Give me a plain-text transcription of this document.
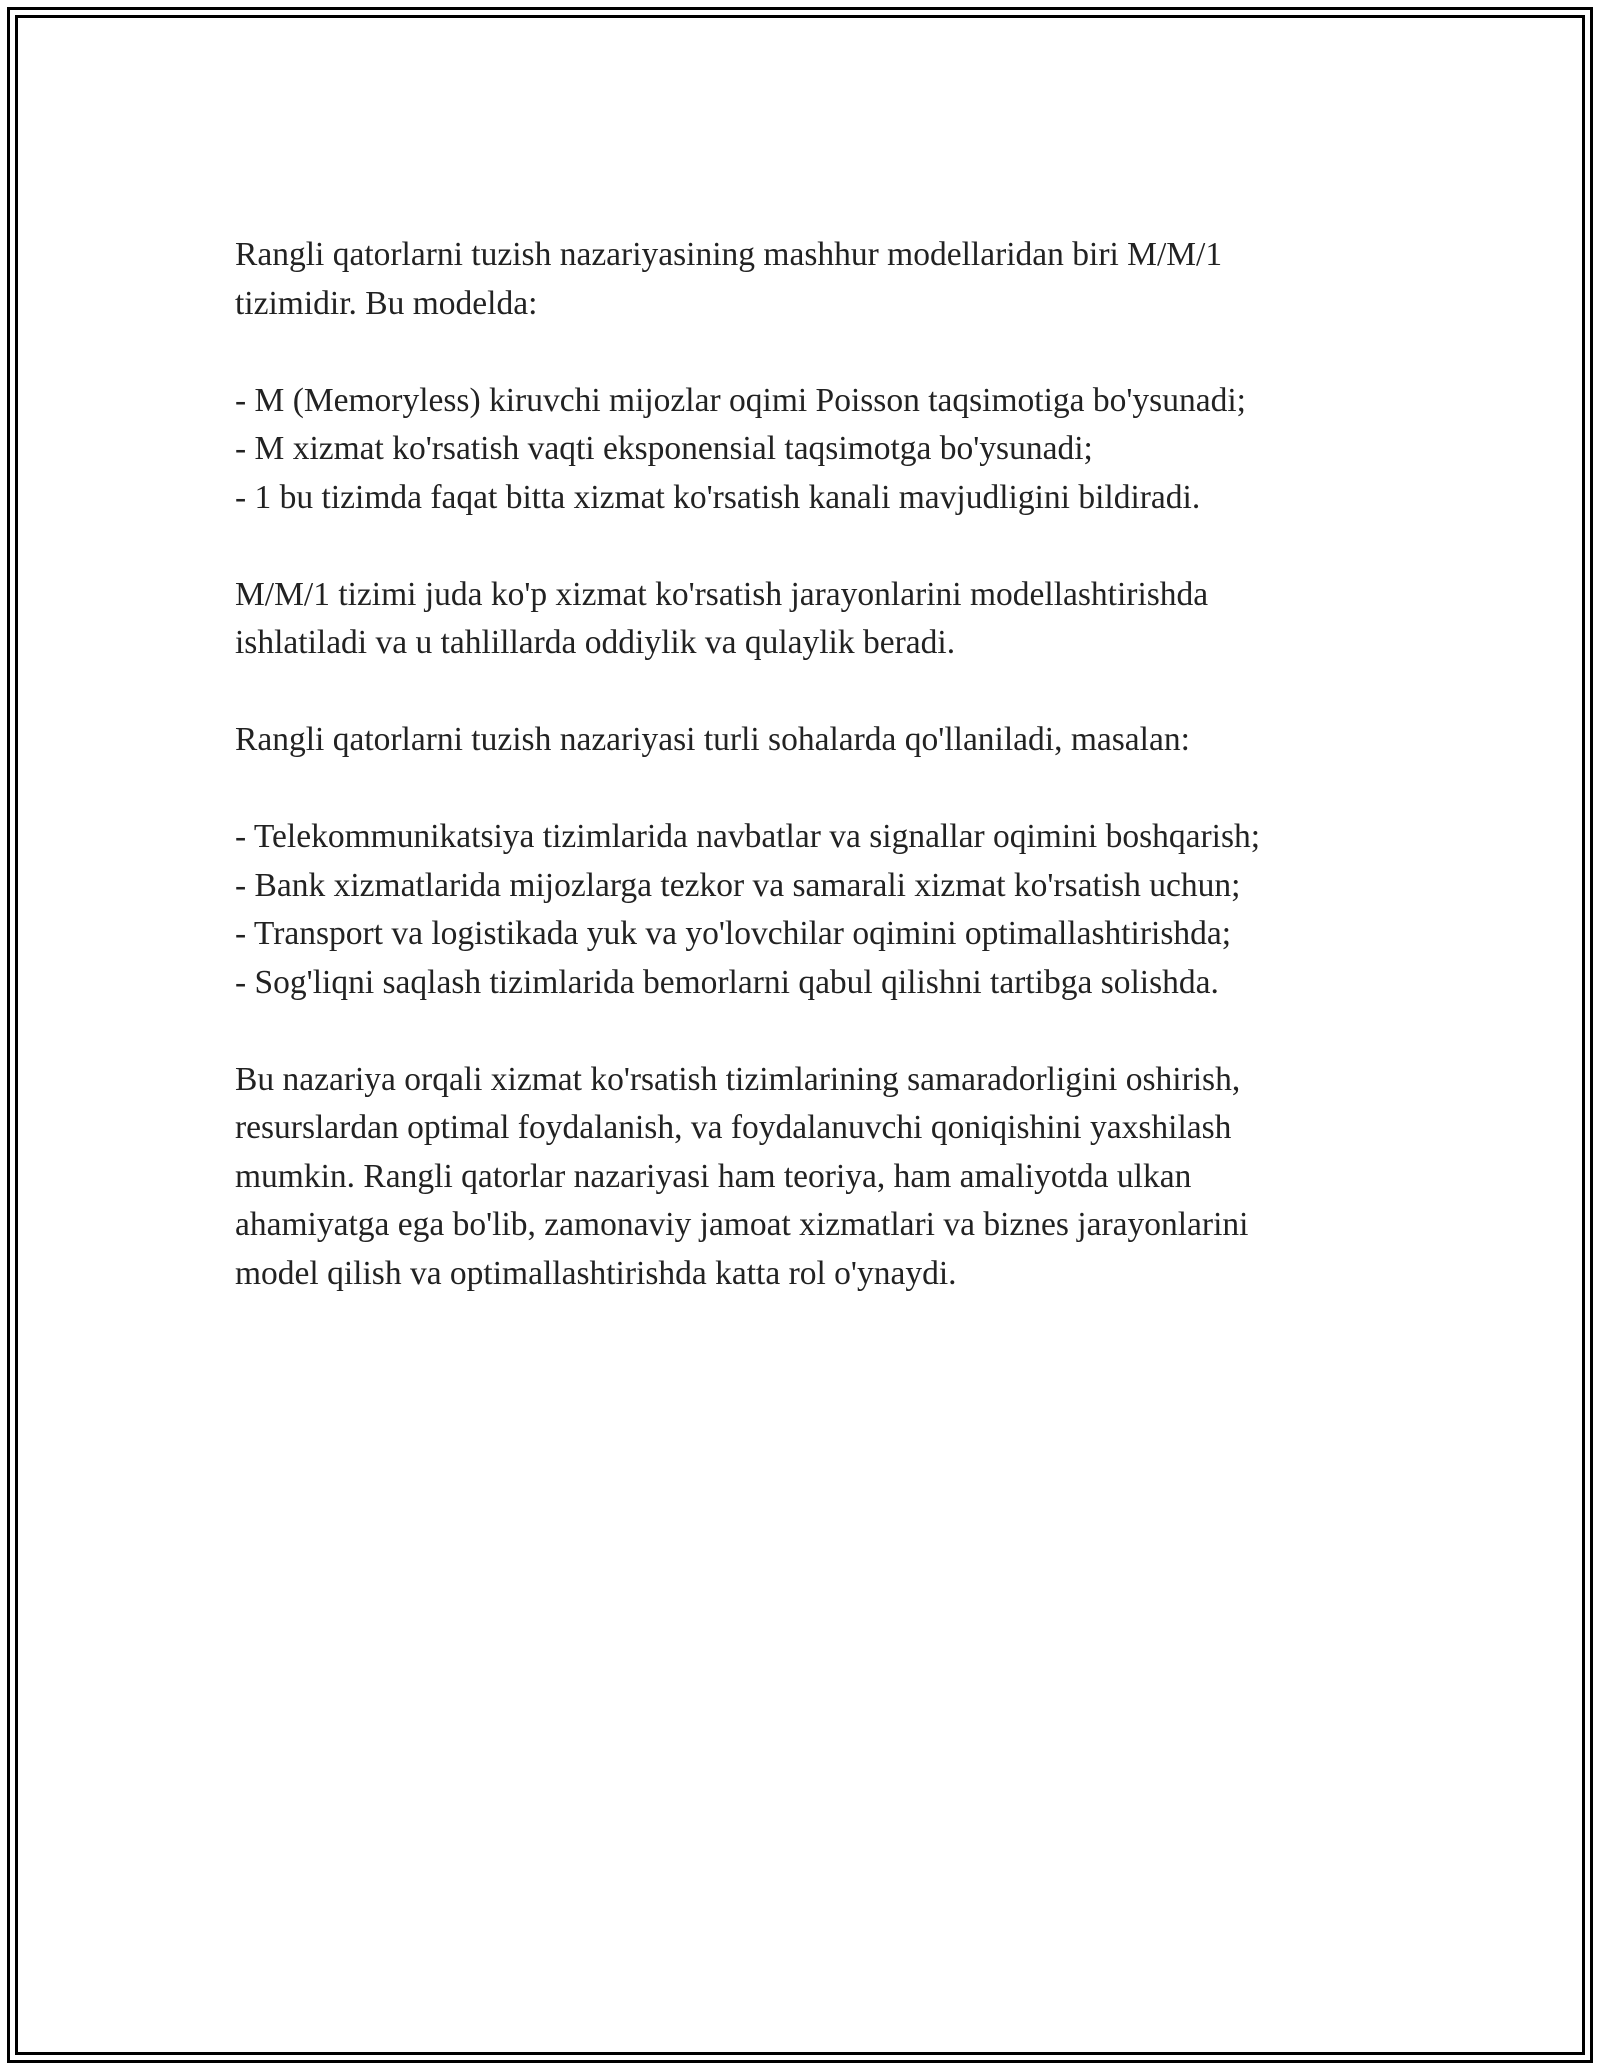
Rangli qatorlarni tuzish nazariyasining mashhur modellaridan biri M/M/1
tizimidir. Bu modelda:
- M (Memoryless) kiruvchi mijozlar oqimi Poisson taqsimotiga bo'ysunadi;
- M xizmat ko'rsatish vaqti eksponensial taqsimotga bo'ysunadi;
- 1 bu tizimda faqat bitta xizmat ko'rsatish kanali mavjudligini bildiradi.
M/M/1 tizimi juda ko'p xizmat ko'rsatish jarayonlarini modellashtirishda
ishlatiladi va u tahlillarda oddiylik va qulaylik beradi.
Rangli qatorlarni tuzish nazariyasi turli sohalarda qo'llaniladi, masalan:
- Telekommunikatsiya tizimlarida navbatlar va signallar oqimini boshqarish;
- Bank xizmatlarida mijozlarga tezkor va samarali xizmat ko'rsatish uchun;
- Transport va logistikada yuk va yo'lovchilar oqimini optimallashtirishda;
- Sog'liqni saqlash tizimlarida bemorlarni qabul qilishni tartibga solishda.
Bu nazariya orqali xizmat ko'rsatish tizimlarining samaradorligini oshirish,
resurslardan optimal foydalanish, va foydalanuvchi qoniqishini yaxshilash
mumkin. Rangli qatorlar nazariyasi ham teoriya, ham amaliyotda ulkan
ahamiyatga ega bo'lib, zamonaviy jamoat xizmatlari va biznes jarayonlarini
model qilish va optimallashtirishda katta rol o'ynaydi.
